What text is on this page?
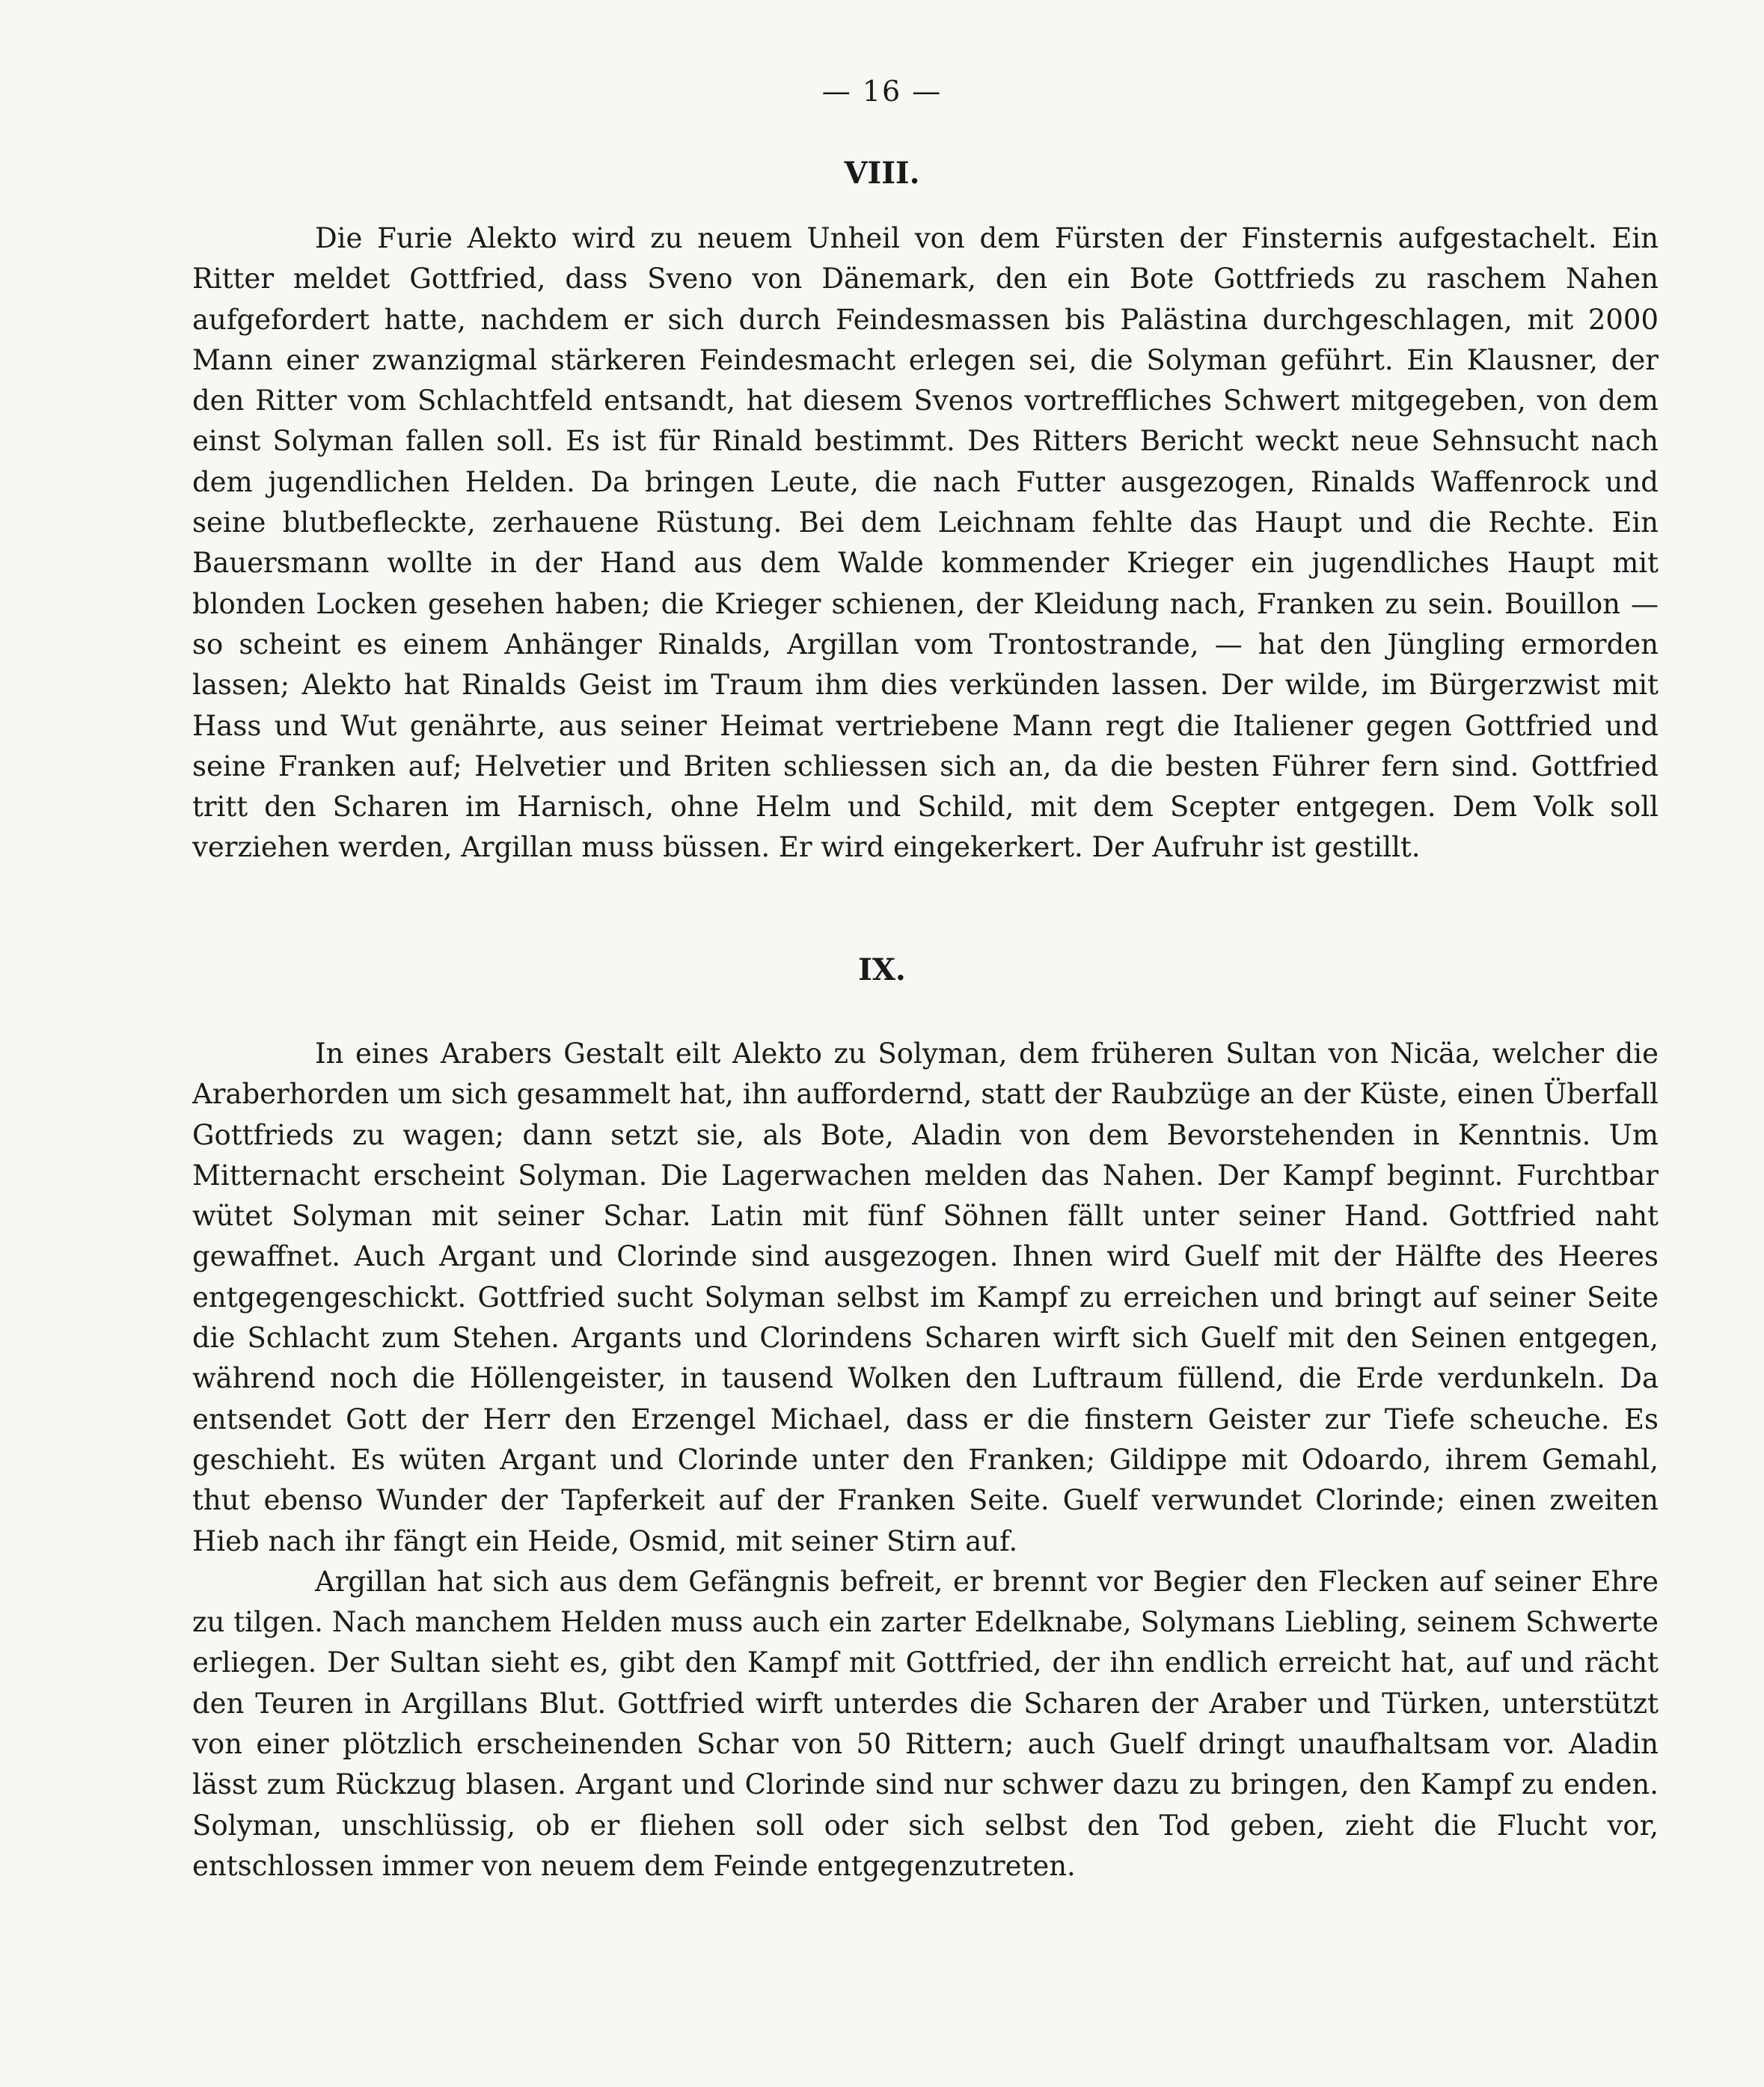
— 16 —
VIII.

Die Furie Alekto wird zu neuem Unheil von dem Fürsten der Finsternis aufgestachelt. Ein Ritter meldet Gottfried, dass Sveno von Dänemark, den ein Bote Gottfrieds zu raschem Nahen aufgefordert hatte, nachdem er sich durch Feindesmassen bis Palästina durchgeschlagen, mit 2000 Mann einer zwanzigmal stärkeren Feindesmacht erlegen sei, die Solyman geführt. Ein Klausner, der den Ritter vom Schlachtfeld entsandt, hat diesem Svenos vortreffliches Schwert mitgegeben, von dem einst Solyman fallen soll. Es ist für Rinald bestimmt. Des Ritters Bericht weckt neue Sehnsucht nach dem jugendlichen Helden. Da bringen Leute, die nach Futter ausgezogen, Rinalds Waffenrock und seine blutbefleckte, zerhauene Rüstung. Bei dem Leichnam fehlte das Haupt und die Rechte. Ein Bauersmann wollte in der Hand aus dem Walde kommender Krieger ein jugendliches Haupt mit blonden Locken gesehen haben; die Krieger schienen, der Kleidung nach, Franken zu sein. Bouillon — so scheint es einem Anhänger Rinalds, Argillan vom Trontostrande, — hat den Jüngling ermorden lassen; Alekto hat Rinalds Geist im Traum ihm dies verkünden lassen. Der wilde, im Bürgerzwist mit Hass und Wut genährte, aus seiner Heimat vertriebene Mann regt die Italiener gegen Gottfried und seine Franken auf; Helvetier und Briten schliessen sich an, da die besten Führer fern sind. Gottfried tritt den Scharen im Harnisch, ohne Helm und Schild, mit dem Scepter entgegen. Dem Volk soll verziehen werden, Argillan muss büssen. Er wird eingekerkert. Der Aufruhr ist gestillt.

IX.

In eines Arabers Gestalt eilt Alekto zu Solyman, dem früheren Sultan von Nicäa, welcher die Araberhorden um sich gesammelt hat, ihn auffordernd, statt der Raubzüge an der Küste, einen Überfall Gottfrieds zu wagen; dann setzt sie, als Bote, Aladin von dem Bevorstehenden in Kenntnis. Um Mitternacht erscheint Solyman. Die Lagerwachen melden das Nahen. Der Kampf beginnt. Furchtbar wütet Solyman mit seiner Schar. Latin mit fünf Söhnen fällt unter seiner Hand. Gottfried naht gewaffnet. Auch Argant und Clorinde sind ausgezogen. Ihnen wird Guelf mit der Hälfte des Heeres entgegengeschickt. Gottfried sucht Solyman selbst im Kampf zu erreichen und bringt auf seiner Seite die Schlacht zum Stehen. Argants und Clorindens Scharen wirft sich Guelf mit den Seinen entgegen, während noch die Höllengeister, in tausend Wolken den Luftraum füllend, die Erde verdunkeln. Da entsendet Gott der Herr den Erzengel Michael, dass er die finstern Geister zur Tiefe scheuche. Es geschieht. Es wüten Argant und Clorinde unter den Franken; Gildippe mit Odoardo, ihrem Gemahl, thut ebenso Wunder der Tapferkeit auf der Franken Seite. Guelf verwundet Clorinde; einen zweiten Hieb nach ihr fängt ein Heide, Osmid, mit seiner Stirn auf.

Argillan hat sich aus dem Gefängnis befreit, er brennt vor Begier den Flecken auf seiner Ehre zu tilgen. Nach manchem Helden muss auch ein zarter Edelknabe, Solymans Liebling, seinem Schwerte erliegen. Der Sultan sieht es, gibt den Kampf mit Gottfried, der ihn endlich erreicht hat, auf und rächt den Teuren in Argillans Blut. Gottfried wirft unterdes die Scharen der Araber und Türken, unterstützt von einer plötzlich erscheinenden Schar von 50 Rittern; auch Guelf dringt unaufhaltsam vor. Aladin lässt zum Rückzug blasen. Argant und Clorinde sind nur schwer dazu zu bringen, den Kampf zu enden. Solyman, unschlüssig, ob er fliehen soll oder sich selbst den Tod geben, zieht die Flucht vor, entschlossen immer von neuem dem Feinde entgegenzutreten.
